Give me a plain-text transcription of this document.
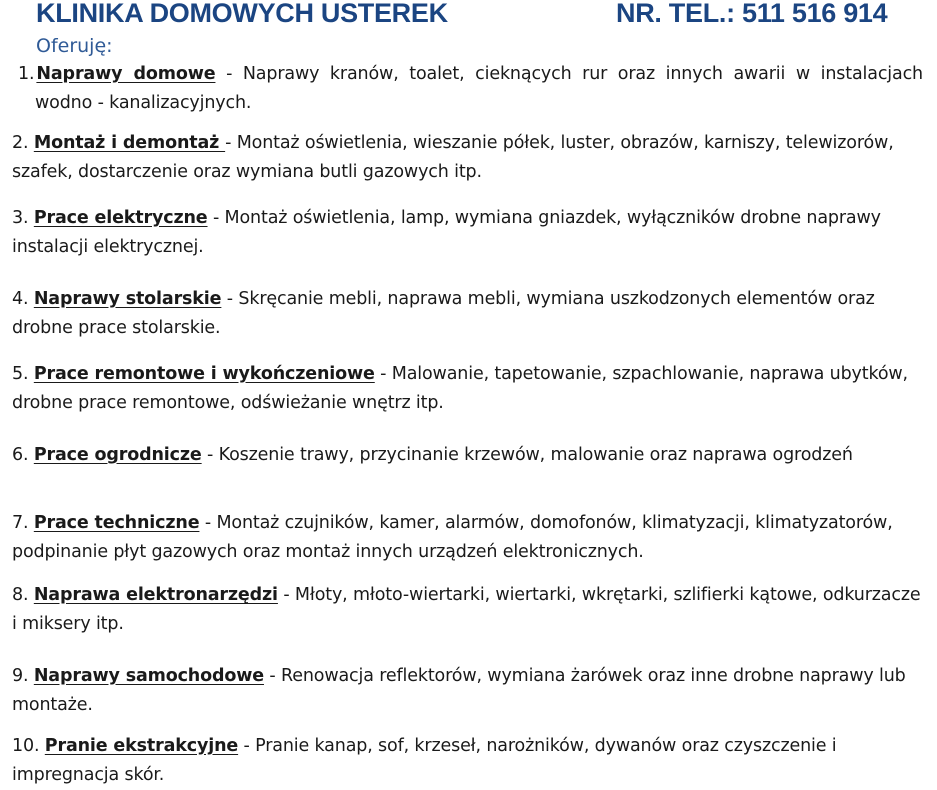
KLINIKA DOMOWYCH USTEREK	NR. TEL.: 511 516 914
Oferuję:
1. Naprawy domowe - Naprawy kranów, toalet, cieknących rur oraz innych awarii w instalacjach wodno - kanalizacyjnych.
2. Montaż i demontaż - Montaż oświetlenia, wieszanie półek, luster, obrazów, karniszy, telewizorów, szafek, dostarczenie oraz wymiana butli gazowych itp.
3. Prace elektryczne - Montaż oświetlenia, lamp, wymiana gniazdek, wyłączników drobne naprawy instalacji elektrycznej.
4. Naprawy stolarskie - Skręcanie mebli, naprawa mebli, wymiana uszkodzonych elementów oraz drobne prace stolarskie.
5. Prace remontowe i wykończeniowe - Malowanie, tapetowanie, szpachlowanie, naprawa ubytków, drobne prace remontowe, odświeżanie wnętrz itp.
6. Prace ogrodnicze - Koszenie trawy, przycinanie krzewów, malowanie oraz naprawa ogrodzeń
7. Prace techniczne - Montaż czujników, kamer, alarmów, domofonów, klimatyzacji, klimatyzatorów, podpinanie płyt gazowych oraz montaż innych urządzeń elektronicznych.
8. Naprawa elektronarzędzi - Młoty, młoto-wiertarki, wiertarki, wkrętarki, szlifierki kątowe, odkurzacze i miksery itp.
9. Naprawy samochodowe - Renowacja reflektorów, wymiana żarówek oraz inne drobne naprawy lub montaże.
10. Pranie ekstrakcyjne - Pranie kanap, sof, krzeseł, narożników, dywanów oraz czyszczenie i impregnacja skór.
